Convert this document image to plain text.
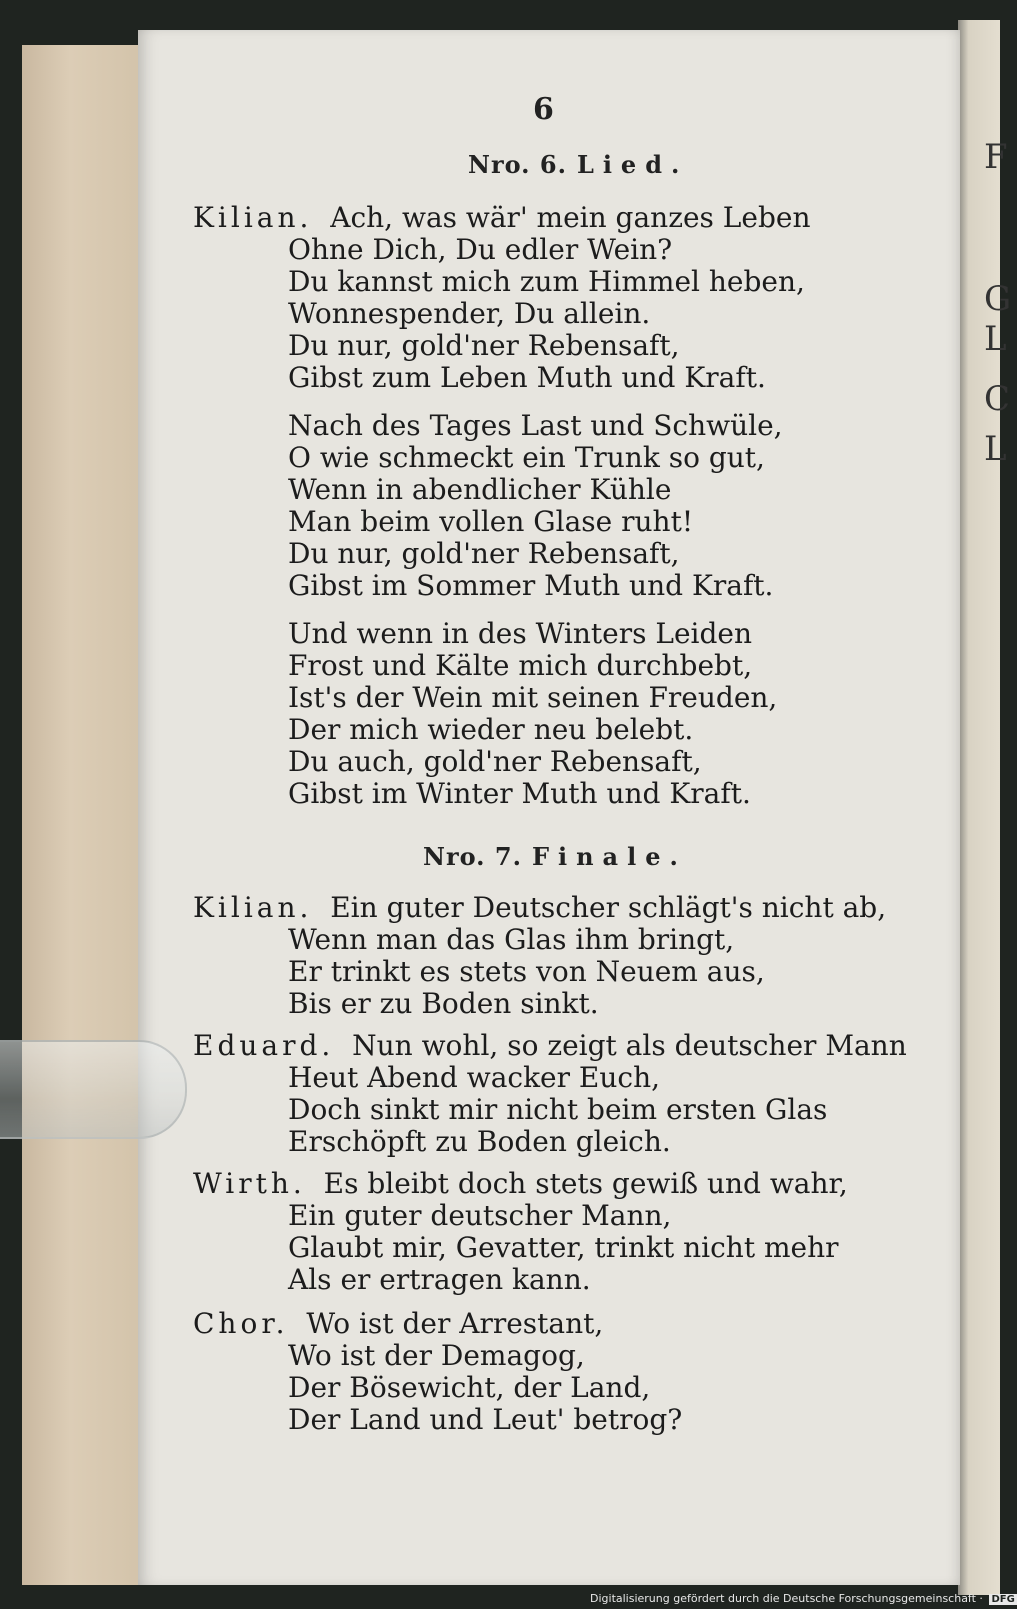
F
G
L
C
L
6
Nro. 6. Lied.
Kilian. Ach, was wär' mein ganzes Leben
Ohne Dich, Du edler Wein?
Du kannst mich zum Himmel heben,
Wonnespender, Du allein.
Du nur, gold'ner Rebensaft,
Gibst zum Leben Muth und Kraft.
Nach des Tages Last und Schwüle,
O wie schmeckt ein Trunk so gut,
Wenn in abendlicher Kühle
Man beim vollen Glase ruht!
Du nur, gold'ner Rebensaft,
Gibst im Sommer Muth und Kraft.
Und wenn in des Winters Leiden
Frost und Kälte mich durchbebt,
Ist's der Wein mit seinen Freuden,
Der mich wieder neu belebt.
Du auch, gold'ner Rebensaft,
Gibst im Winter Muth und Kraft.
Nro. 7. Finale.
Kilian. Ein guter Deutscher schlägt's nicht ab,
Wenn man das Glas ihm bringt,
Er trinkt es stets von Neuem aus,
Bis er zu Boden sinkt.
Eduard. Nun wohl, so zeigt als deutscher Mann
Heut Abend wacker Euch,
Doch sinkt mir nicht beim ersten Glas
Erschöpft zu Boden gleich.
Wirth. Es bleibt doch stets gewiß und wahr,
Ein guter deutscher Mann,
Glaubt mir, Gevatter, trinkt nicht mehr
Als er ertragen kann.
Chor. Wo ist der Arrestant,
Wo ist der Demagog,
Der Bösewicht, der Land,
Der Land und Leut' betrog?
Digitalisierung gefördert durch die Deutsche Forschungsgemeinschaft · DFG
